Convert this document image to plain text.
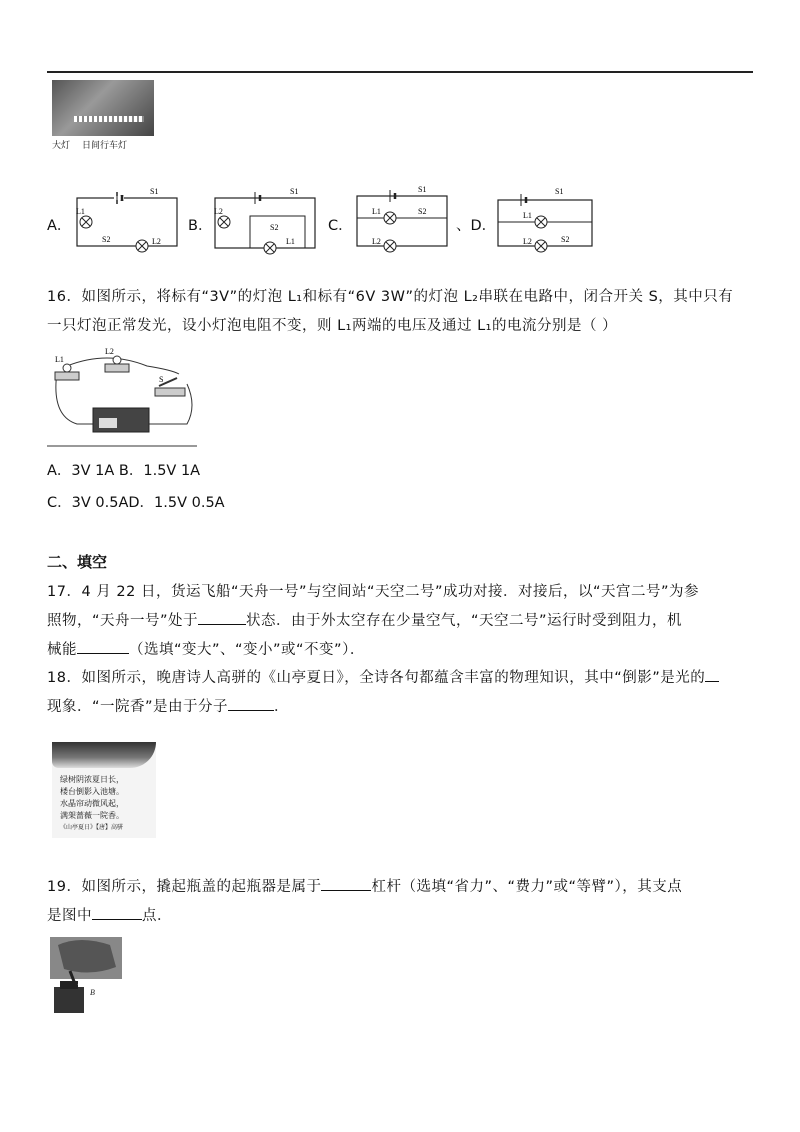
大灯 日间行车灯
A．
L1
L2
S1
S2
B．
L2
S1
S2
L1
C．
L1
L2
S1
S2
、D．
L1
L2
S1
S2
16．如图所示，将标有“3V”的灯泡 L₁和标有“6V 3W”的灯泡 L₂串联在电路中，闭合开关 S，其中只有
一只灯泡正常发光，设小灯泡电阻不变，则 L₁两端的电压及通过 L₁的电流分别是（ ）
L1
L2
S
A．3V 1A B．1.5V 1A
C．3V 0.5AD．1.5V 0.5A
二、填空
17．4 月 22 日，货运飞船“天舟一号”与空间站“天空二号”成功对接．对接后，以“天宫二号”为参
照物，“天舟一号”处于	状态．由于外太空存在少量空气，“天空二号”运行时受到阻力，机
械能	（选填“变大”、“变小”或“不变”）．
18．如图所示，晚唐诗人高骈的《山亭夏日》，全诗各句都蕴含丰富的物理知识，其中“倒影”是光的
现象．“一院香”是由于分子	．
绿树阴浓夏日长，
楼台倒影入池塘。
水晶帘动微风起，
满架蔷薇一院香。
《山亭夏日》【唐】高骈
19．如图所示，撬起瓶盖的起瓶器是属于	杠杆（选填“省力”、“费力”或“等臂”），其支点
是图中	点．
A
B
